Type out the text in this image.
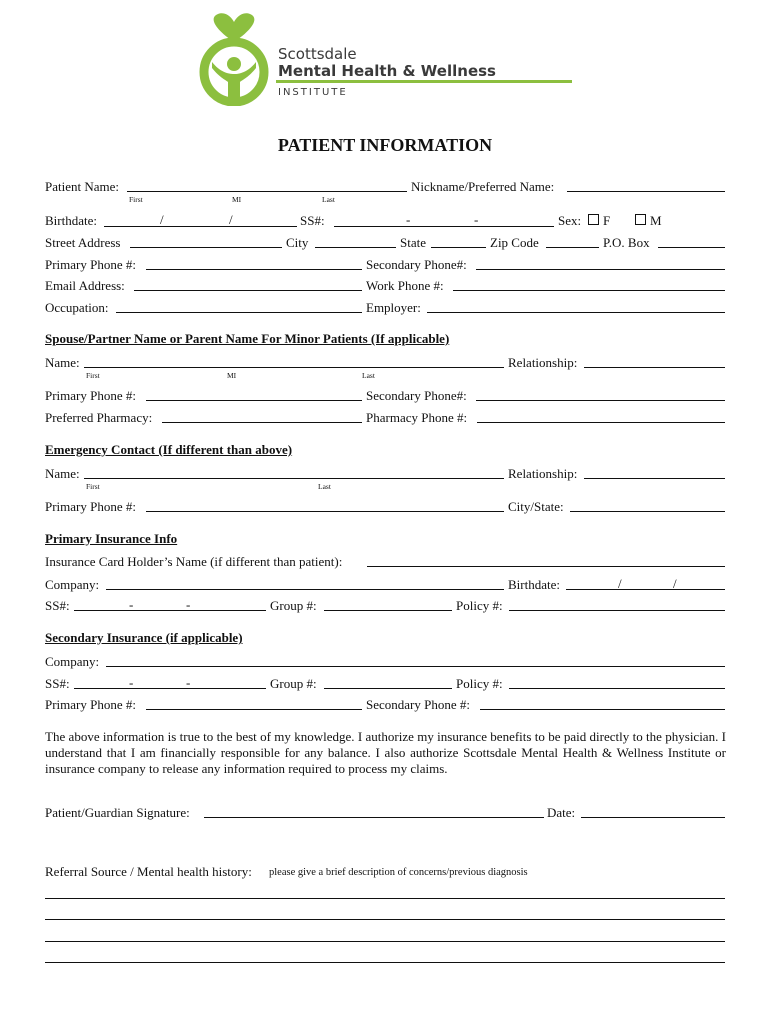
Scottsdale
Mental Health & Wellness
INSTITUTE
PATIENT INFORMATION
Patient Name:
First	MI	Last
Nickname/Preferred Name:
Birthdate:	/	/	SS#:	-	-	Sex: F	M
Street Address	City	State	Zip Code	P.O. Box
Primary Phone #:	Secondary Phone#:
Email Address:	Work Phone #:
Occupation:	Employer:
Spouse/Partner Name or Parent Name For Minor Patients (If applicable)
Name:
First	MI	Last
Relationship:
Primary Phone #:	Secondary Phone#:
Preferred Pharmacy:	Pharmacy Phone #:
Emergency Contact (If different than above)
Name:
First	Last
Relationship:
Primary Phone #:	City/State:
Primary Insurance Info
Insurance Card Holder’s Name (if different than patient):
Company:	Birthdate:	/	/
SS#:	-	-	Group #:	Policy #:
Secondary Insurance (if applicable)
Company:
SS#:	-	-	Group #:	Policy #:
Primary Phone #:	Secondary Phone #:
The above information is true to the best of my knowledge. I authorize my insurance benefits to be paid directly to the physician. I understand that I am financially responsible for any balance. I also authorize Scottsdale Mental Health & Wellness Institute or insurance company to release any information required to process my claims.
Patient/Guardian Signature:	Date:
Referral Source / Mental health history: please give a brief description of concerns/previous diagnosis
